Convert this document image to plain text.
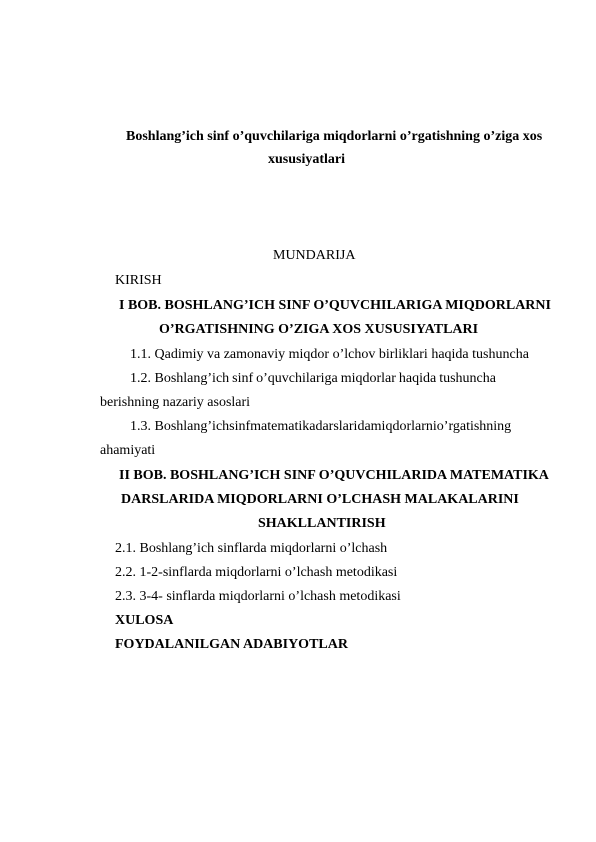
Boshlang’ich sinf o’quvchilariga miqdorlarni o’rgatishning o’ziga xos
xususiyatlari
MUNDARIJA
KIRISH
I BOB. BOSHLANG’ICH SINF O’QUVCHILARIGA MIQDORLARNI
O’RGATISHNING O’ZIGA XOS XUSUSIYATLARI
1.1. Qadimiy va zamonaviy miqdor o’lchov birliklari haqida tushuncha
1.2. Boshlang’ich sinf o’quvchilariga miqdorlar haqida tushuncha
berishning nazariy asoslari
1.3. Boshlang’ich sinf matematika darslarida miqdorlarni o’rgatishning
ahamiyati
II BOB. BOSHLANG’ICH SINF O’QUVCHILARIDA MATEMATIKA
DARSLARIDA MIQDORLARNI O’LCHASH MALAKALARINI
SHAKLLANTIRISH
2.1. Boshlang’ich sinflarda miqdorlarni o’lchash
2.2. 1-2-sinflarda miqdorlarni o’lchash metodikasi
2.3. 3-4- sinflarda miqdorlarni o’lchash metodikasi
XULOSA
FOYDALANILGAN ADABIYOTLAR
